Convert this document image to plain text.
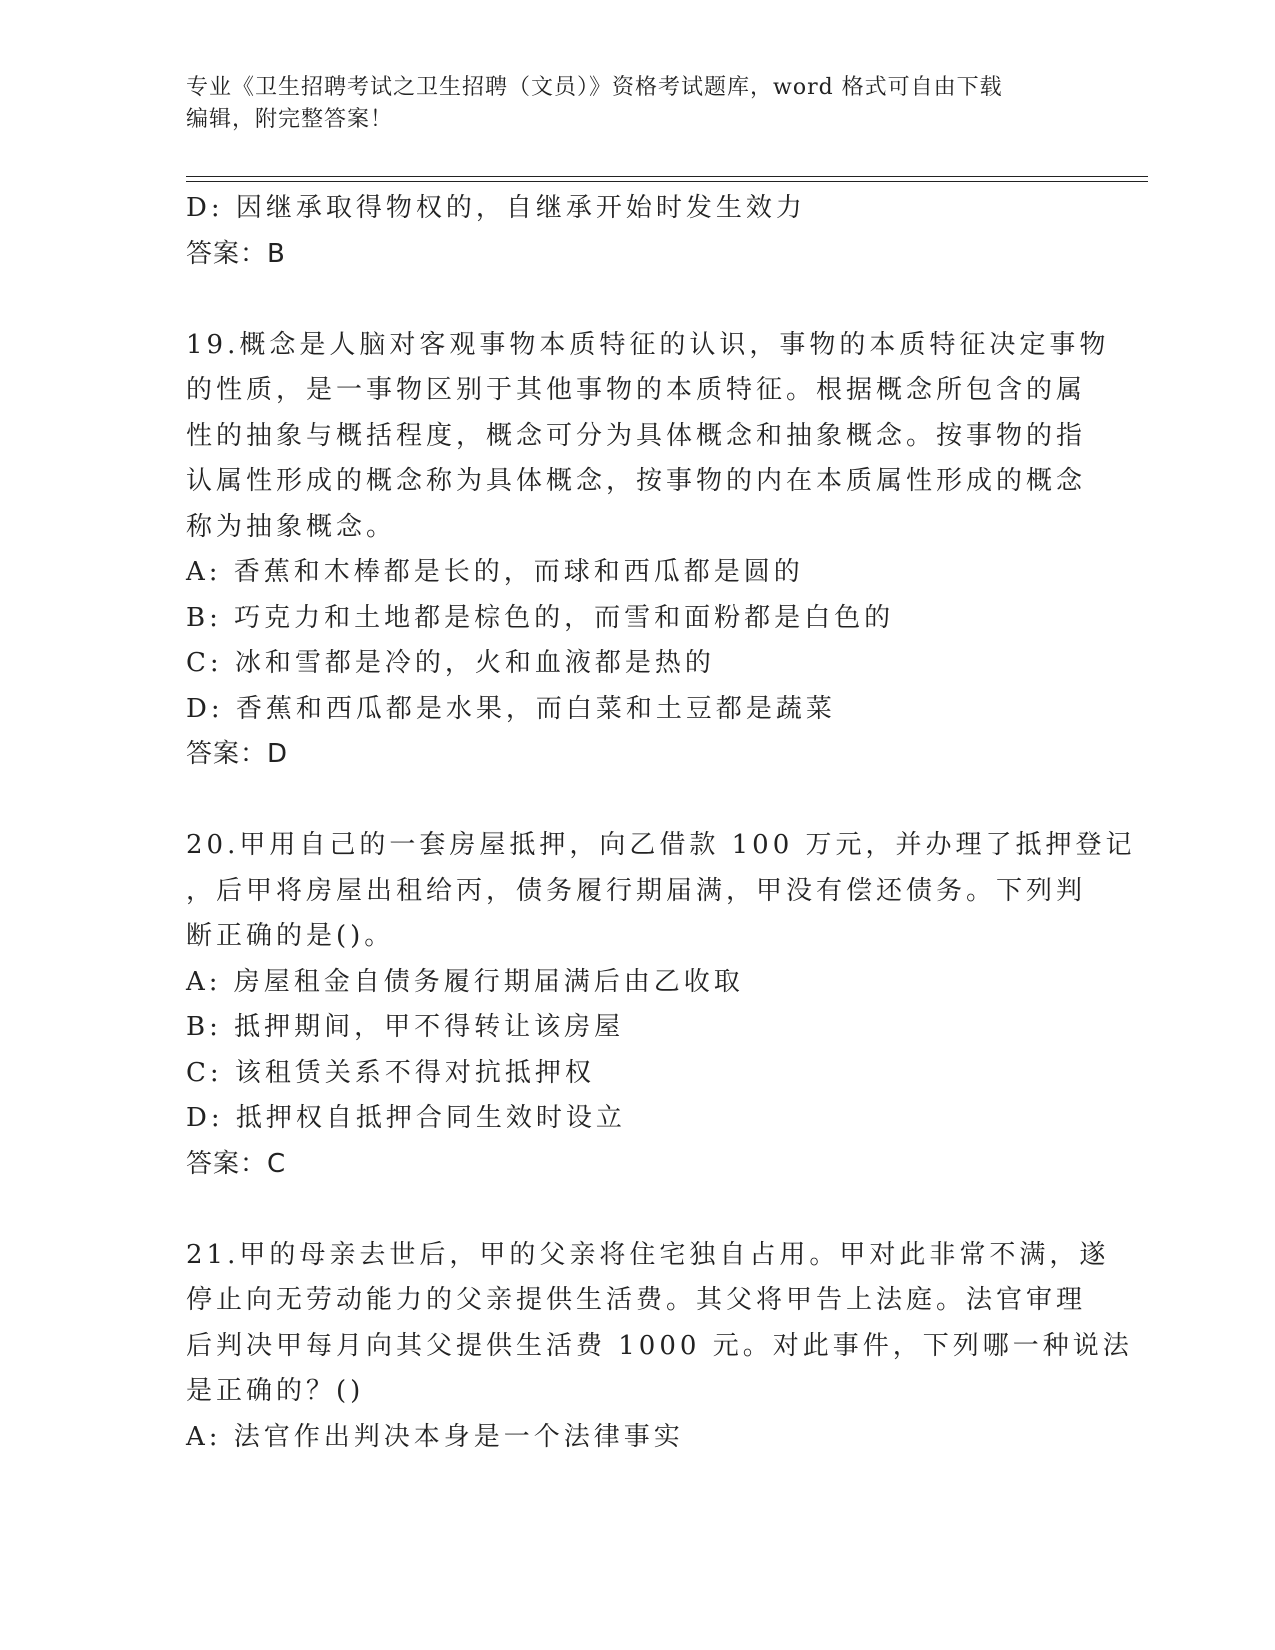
专业《卫生招聘考试之卫生招聘（文员）》资格考试题库，word 格式可自由下载
编辑，附完整答案！
D: 因继承取得物权的，自继承开始时发生效力
答案：B
19.概念是人脑对客观事物本质特征的认识，事物的本质特征决定事物
的性质，是一事物区别于其他事物的本质特征。根据概念所包含的属
性的抽象与概括程度，概念可分为具体概念和抽象概念。按事物的指
认属性形成的概念称为具体概念，按事物的内在本质属性形成的概念
称为抽象概念。
A: 香蕉和木棒都是长的，而球和西瓜都是圆的
B: 巧克力和土地都是棕色的，而雪和面粉都是白色的
C: 冰和雪都是冷的，火和血液都是热的
D: 香蕉和西瓜都是水果，而白菜和土豆都是蔬菜
答案：D
20.甲用自己的一套房屋抵押，向乙借款 100 万元，并办理了抵押登记
，后甲将房屋出租给丙，债务履行期届满，甲没有偿还债务。下列判
断正确的是()。
A: 房屋租金自债务履行期届满后由乙收取
B: 抵押期间，甲不得转让该房屋
C: 该租赁关系不得对抗抵押权
D: 抵押权自抵押合同生效时设立
答案：C
21.甲的母亲去世后，甲的父亲将住宅独自占用。甲对此非常不满，遂
停止向无劳动能力的父亲提供生活费。其父将甲告上法庭。法官审理
后判决甲每月向其父提供生活费 1000 元。对此事件，下列哪一种说法
是正确的？()
A: 法官作出判决本身是一个法律事实
